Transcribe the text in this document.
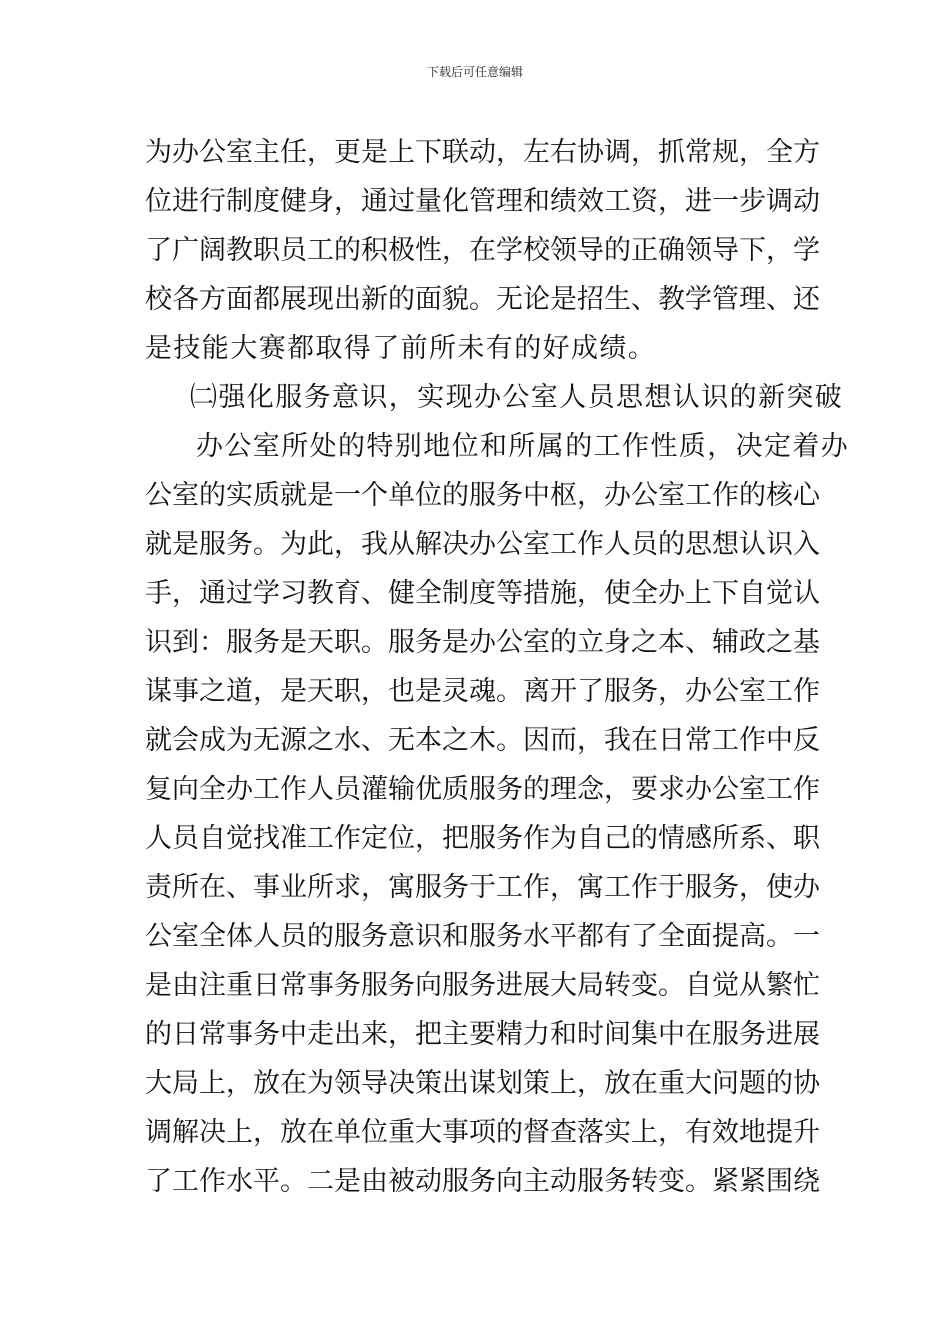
下载后可任意编辑
为办公室主任，更是上下联动，左右协调，抓常规，全方
位进行制度健身，通过量化管理和绩效工资，进一步调动
了广阔教职员工的积极性，在学校领导的正确领导下，学
校各方面都展现出新的面貌。无论是招生、教学管理、还
是技能大赛都取得了前所未有的好成绩。
㈡强化服务意识，实现办公室人员思想认识的新突破
办公室所处的特别地位和所属的工作性质，决定着办
公室的实质就是一个单位的服务中枢，办公室工作的核心
就是服务。为此，我从解决办公室工作人员的思想认识入
手，通过学习教育、健全制度等措施，使全办上下自觉认
识到：服务是天职。服务是办公室的立身之本、辅政之基
谋事之道，是天职，也是灵魂。离开了服务，办公室工作
就会成为无源之水、无本之木。因而，我在日常工作中反
复向全办工作人员灌输优质服务的理念，要求办公室工作
人员自觉找准工作定位，把服务作为自己的情感所系、职
责所在、事业所求，寓服务于工作，寓工作于服务，使办
公室全体人员的服务意识和服务水平都有了全面提高。一
是由注重日常事务服务向服务进展大局转变。自觉从繁忙
的日常事务中走出来，把主要精力和时间集中在服务进展
大局上，放在为领导决策出谋划策上，放在重大问题的协
调解决上，放在单位重大事项的督查落实上，有效地提升
了工作水平。二是由被动服务向主动服务转变。紧紧围绕
